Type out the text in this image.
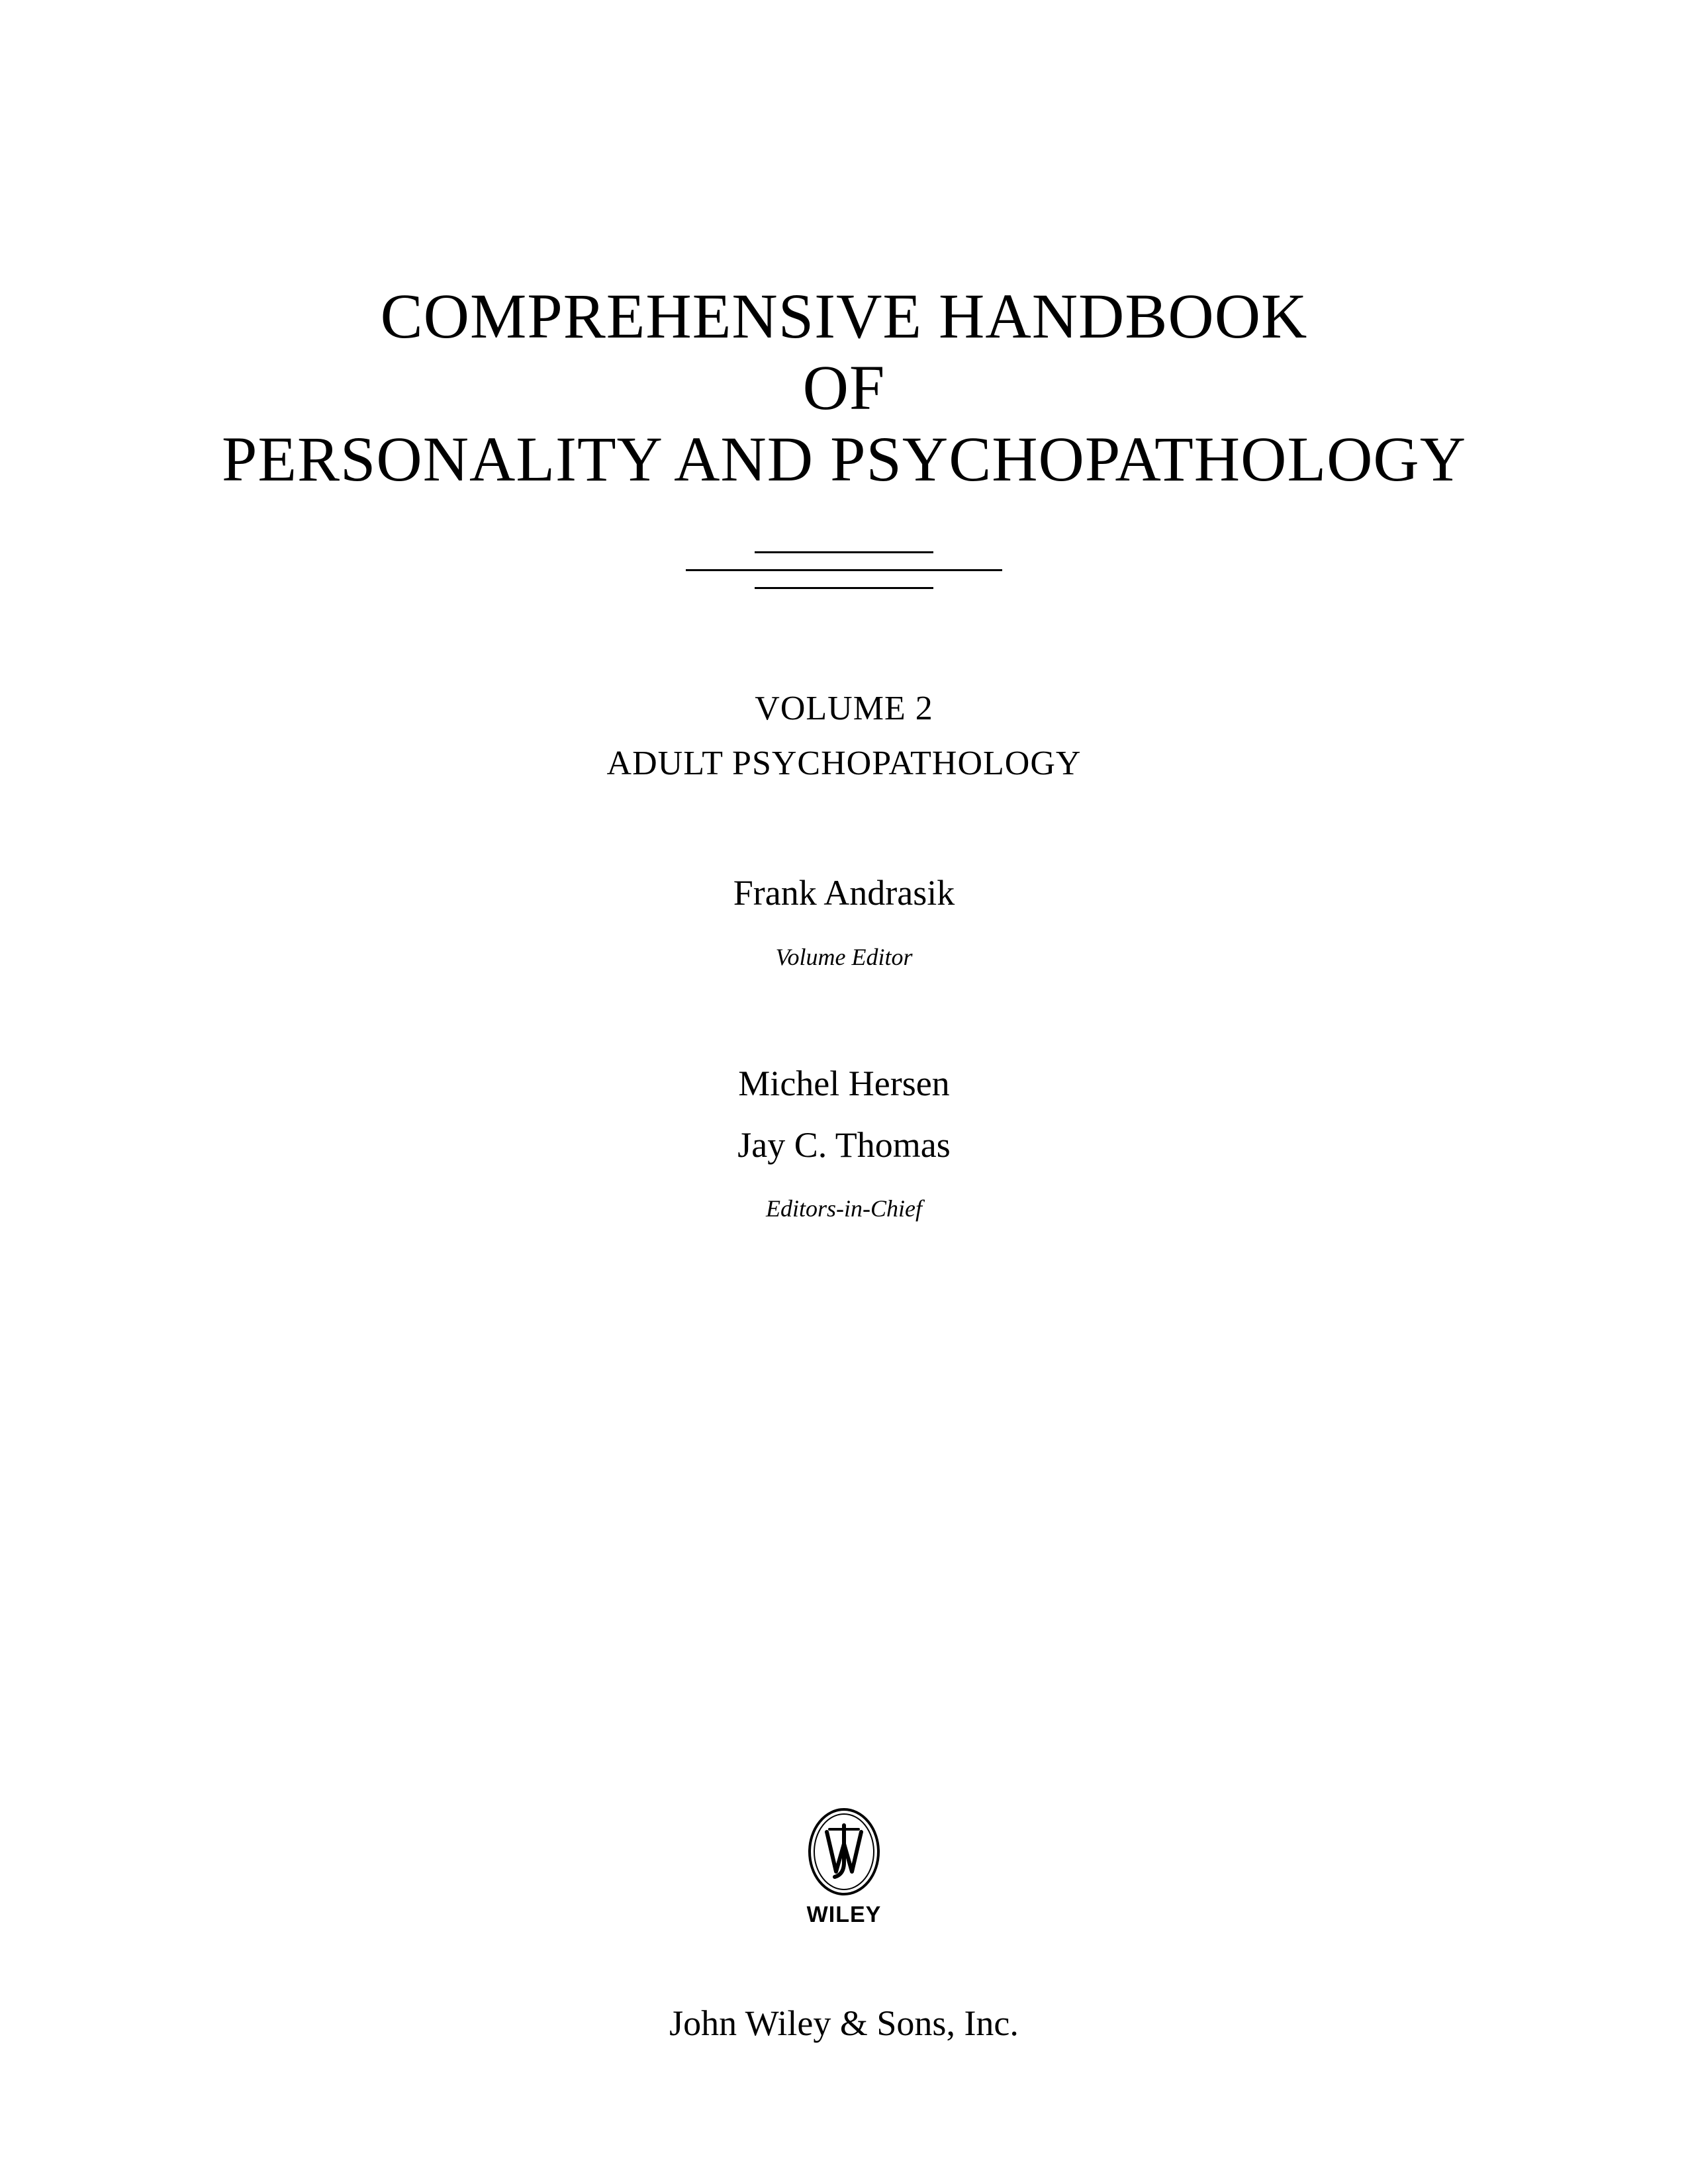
COMPREHENSIVE HANDBOOK
OF
PERSONALITY AND PSYCHOPATHOLOGY
VOLUME 2
ADULT PSYCHOPATHOLOGY
Frank Andrasik
Volume Editor
Michel Hersen
Jay C. Thomas
Editors-in-Chief
WILEY
John Wiley & Sons, Inc.
